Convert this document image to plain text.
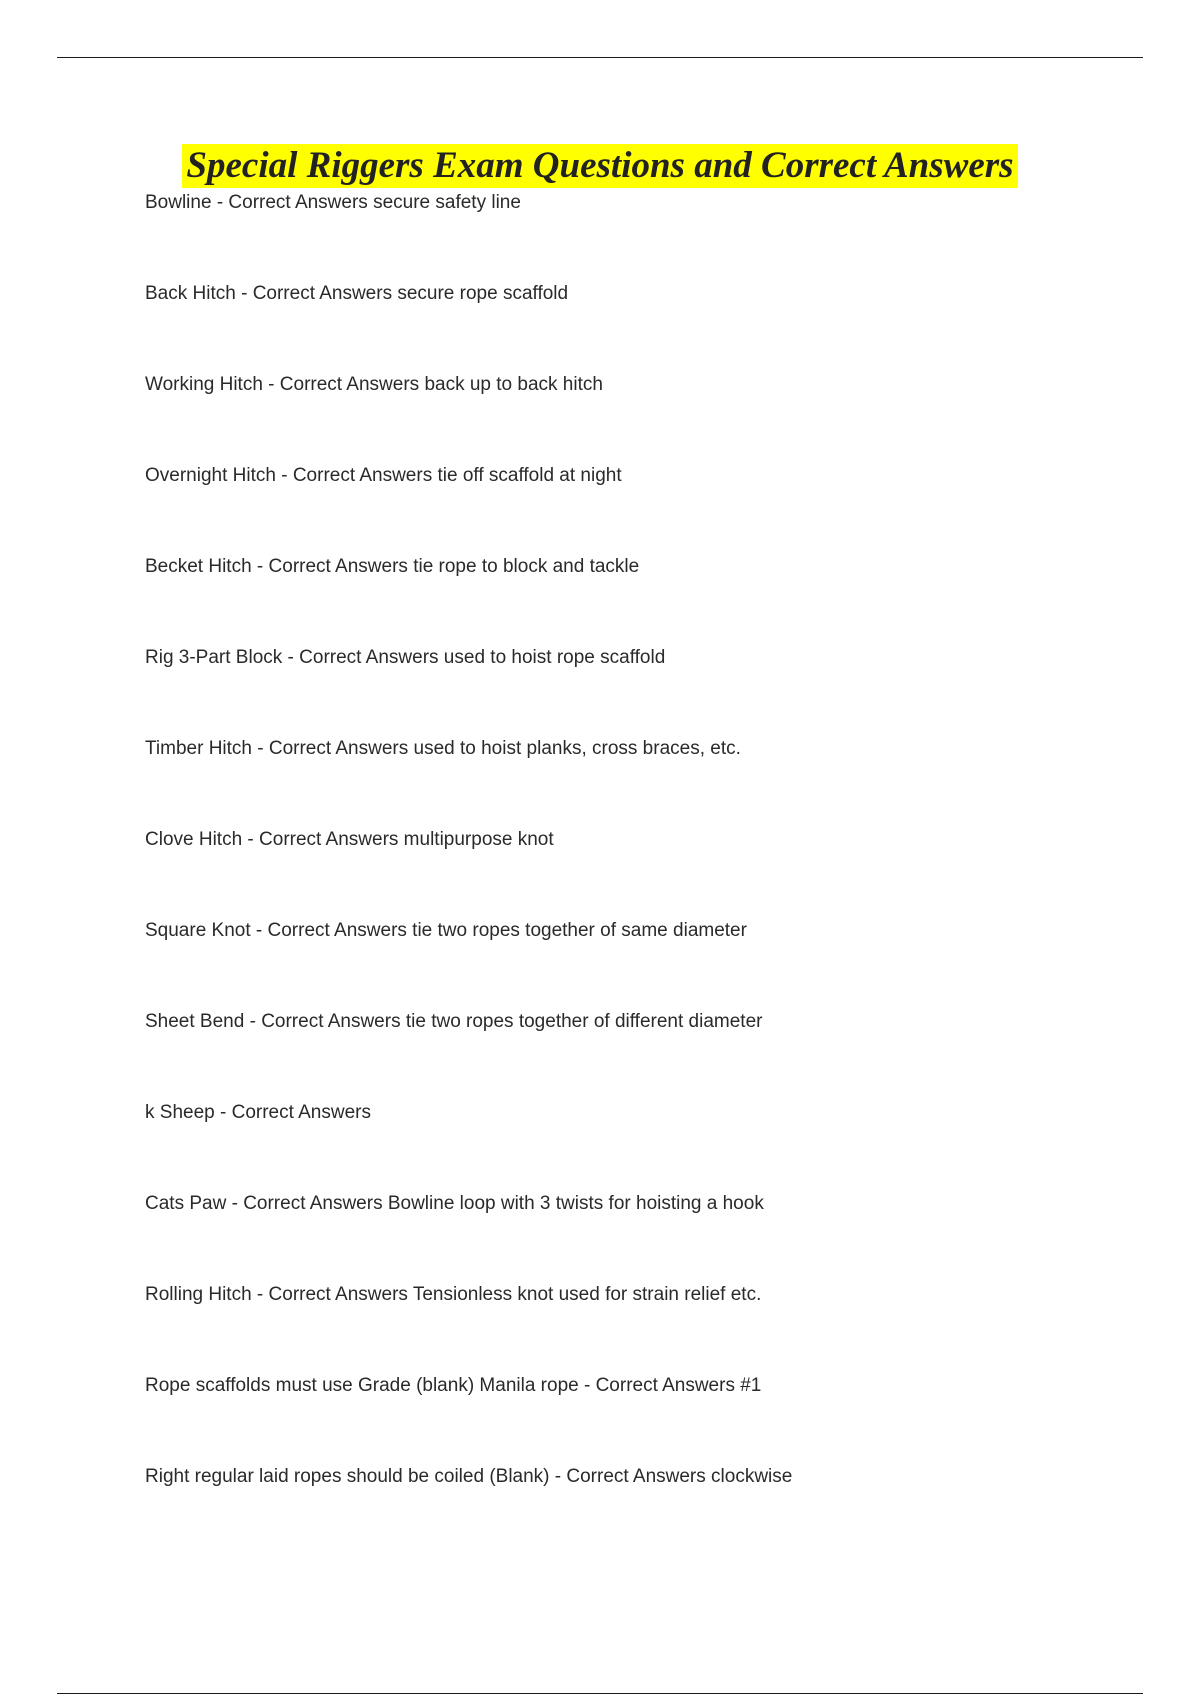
Special Riggers Exam Questions and Correct Answers
Bowline - Correct Answers secure safety line
Back Hitch - Correct Answers secure rope scaffold
Working Hitch - Correct Answers back up to back hitch
Overnight Hitch - Correct Answers tie off scaffold at night
Becket Hitch - Correct Answers tie rope to block and tackle
Rig 3-Part Block - Correct Answers used to hoist rope scaffold
Timber Hitch - Correct Answers used to hoist planks, cross braces, etc.
Clove Hitch - Correct Answers multipurpose knot
Square Knot - Correct Answers tie two ropes together of same diameter
Sheet Bend - Correct Answers tie two ropes together of different diameter
k Sheep - Correct Answers
Cats Paw - Correct Answers Bowline loop with 3 twists for hoisting a hook
Rolling Hitch - Correct Answers Tensionless knot used for strain relief etc.
Rope scaffolds must use Grade (blank) Manila rope - Correct Answers #1
Right regular laid ropes should be coiled (Blank) - Correct Answers clockwise
